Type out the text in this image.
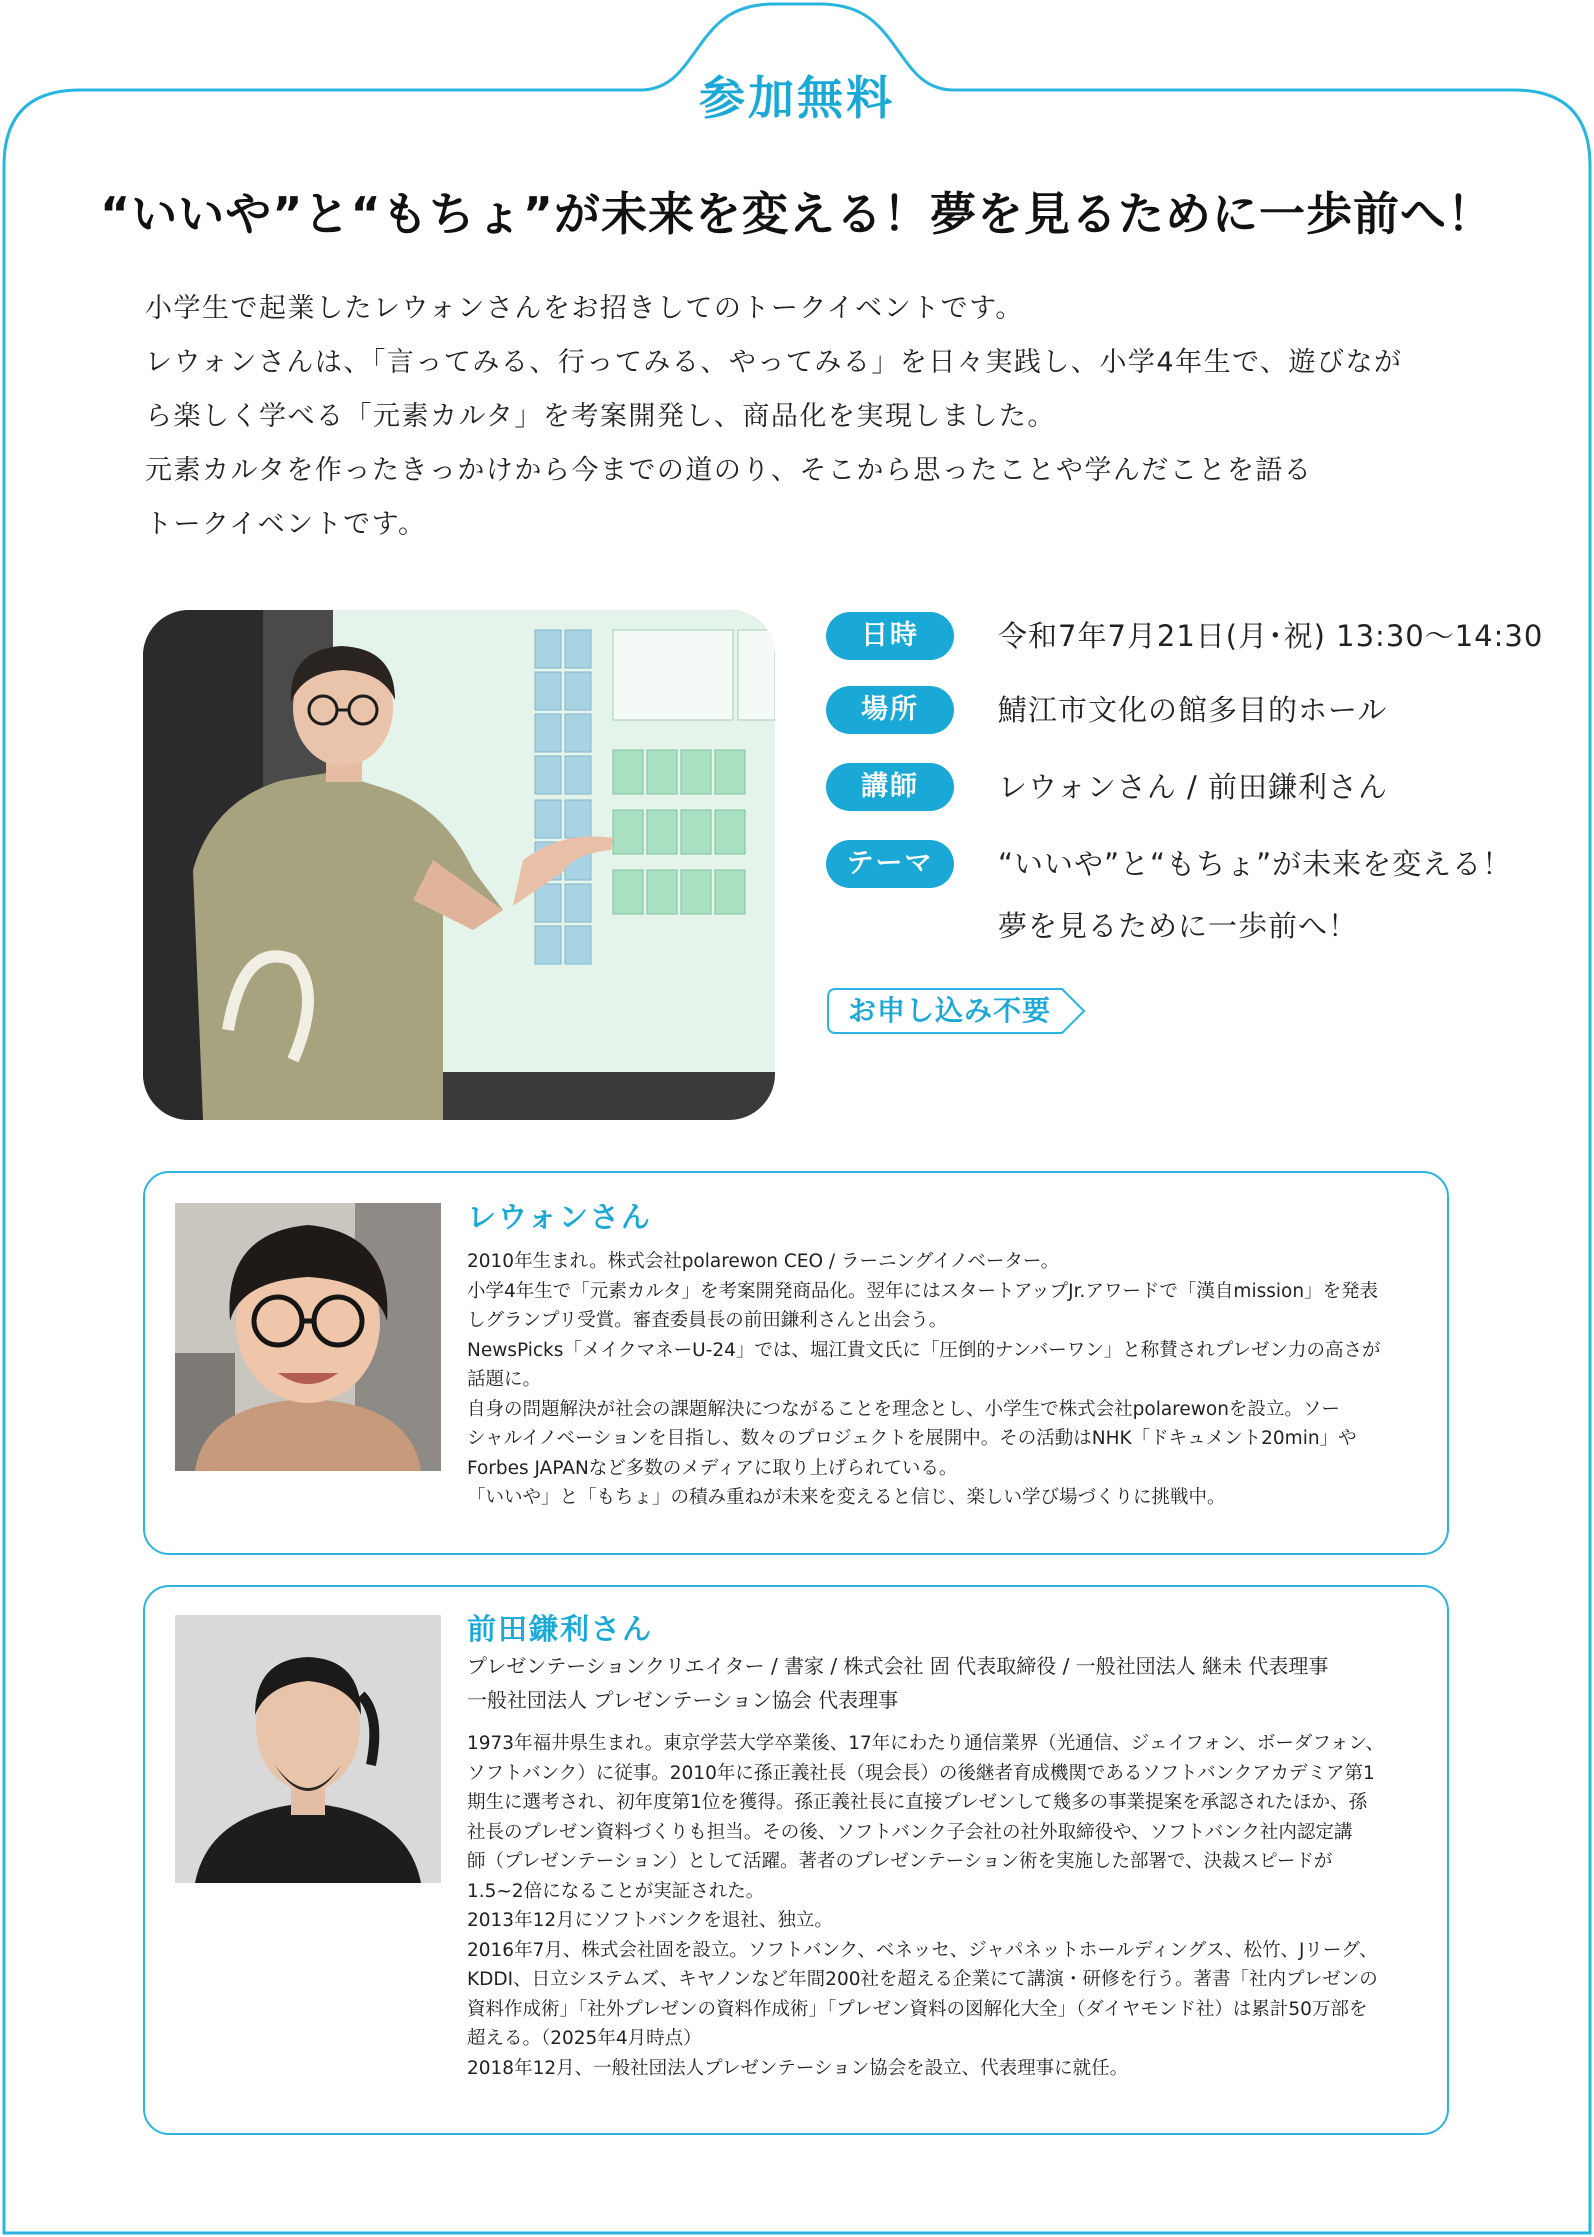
参加無料
“いいや”と“もちょ”が未来を変える！夢を見るために一歩前へ！

小学生で起業したレウォンさんをお招きしてのトークイベントです。

レウォンさんは、「言ってみる、行ってみる、やってみる」を日々実践し、小学4年生で、遊びなが

ら楽しく学べる「元素カルタ」を考案開発し、商品化を実現しました。

元素カルタを作ったきっかけから今までの道のり、そこから思ったことや学んだことを語る

トークイベントです。

日時	令和7年7月21日(月･祝) 13:30〜14:30
場所	鯖江市文化の館多目的ホール
講師	レウォンさん / 前田鎌利さん
テーマ	“いいや”と“もちょ”が未来を変える！
夢を見るために一歩前へ！
お申し込み不要
レウォンさん

2010年生まれ。株式会社polarewon CEO / ラーニングイノベーター。

小学4年生で「元素カルタ」を考案開発商品化。翌年にはスタートアップJr.アワードで「漢自mission」を発表

しグランプリ受賞。審査委員長の前田鎌利さんと出会う。

NewsPicks「メイクマネーU-24」では、堀江貴文氏に「圧倒的ナンバーワン」と称賛されプレゼン力の高さが

話題に。

自身の問題解決が社会の課題解決につながることを理念とし、小学生で株式会社polarewonを設立。ソー

シャルイノベーションを目指し、数々のプロジェクトを展開中。その活動はNHK「ドキュメント20min」や

Forbes JAPANなど多数のメディアに取り上げられている。

「いいや」と「もちょ」の積み重ねが未来を変えると信じ、楽しい学び場づくりに挑戦中。

前田鎌利さん

プレゼンテーションクリエイター / 書家 / 株式会社 固 代表取締役 / 一般社団法人 継未 代表理事

一般社団法人 プレゼンテーション協会 代表理事

1973年福井県生まれ。東京学芸大学卒業後、17年にわたり通信業界（光通信、ジェイフォン、ボーダフォン、

ソフトバンク）に従事。2010年に孫正義社長（現会長）の後継者育成機関であるソフトバンクアカデミア第1

期生に選考され、初年度第1位を獲得。孫正義社長に直接プレゼンして幾多の事業提案を承認されたほか、孫

社長のプレゼン資料づくりも担当。その後、ソフトバンク子会社の社外取締役や、ソフトバンク社内認定講

師（プレゼンテーション）として活躍。著者のプレゼンテーション術を実施した部署で、決裁スピードが

1.5~2倍になることが実証された。

2013年12月にソフトバンクを退社、独立。

2016年7月、株式会社固を設立。ソフトバンク、ベネッセ、ジャパネットホールディングス、松竹、Jリーグ、

KDDI、日立システムズ、キヤノンなど年間200社を超える企業にて講演・研修を行う。著書「社内プレゼンの

資料作成術」「社外プレゼンの資料作成術」「プレゼン資料の図解化大全」（ダイヤモンド社）は累計50万部を

超える。（2025年4月時点）

2018年12月、一般社団法人プレゼンテーション協会を設立、代表理事に就任。
